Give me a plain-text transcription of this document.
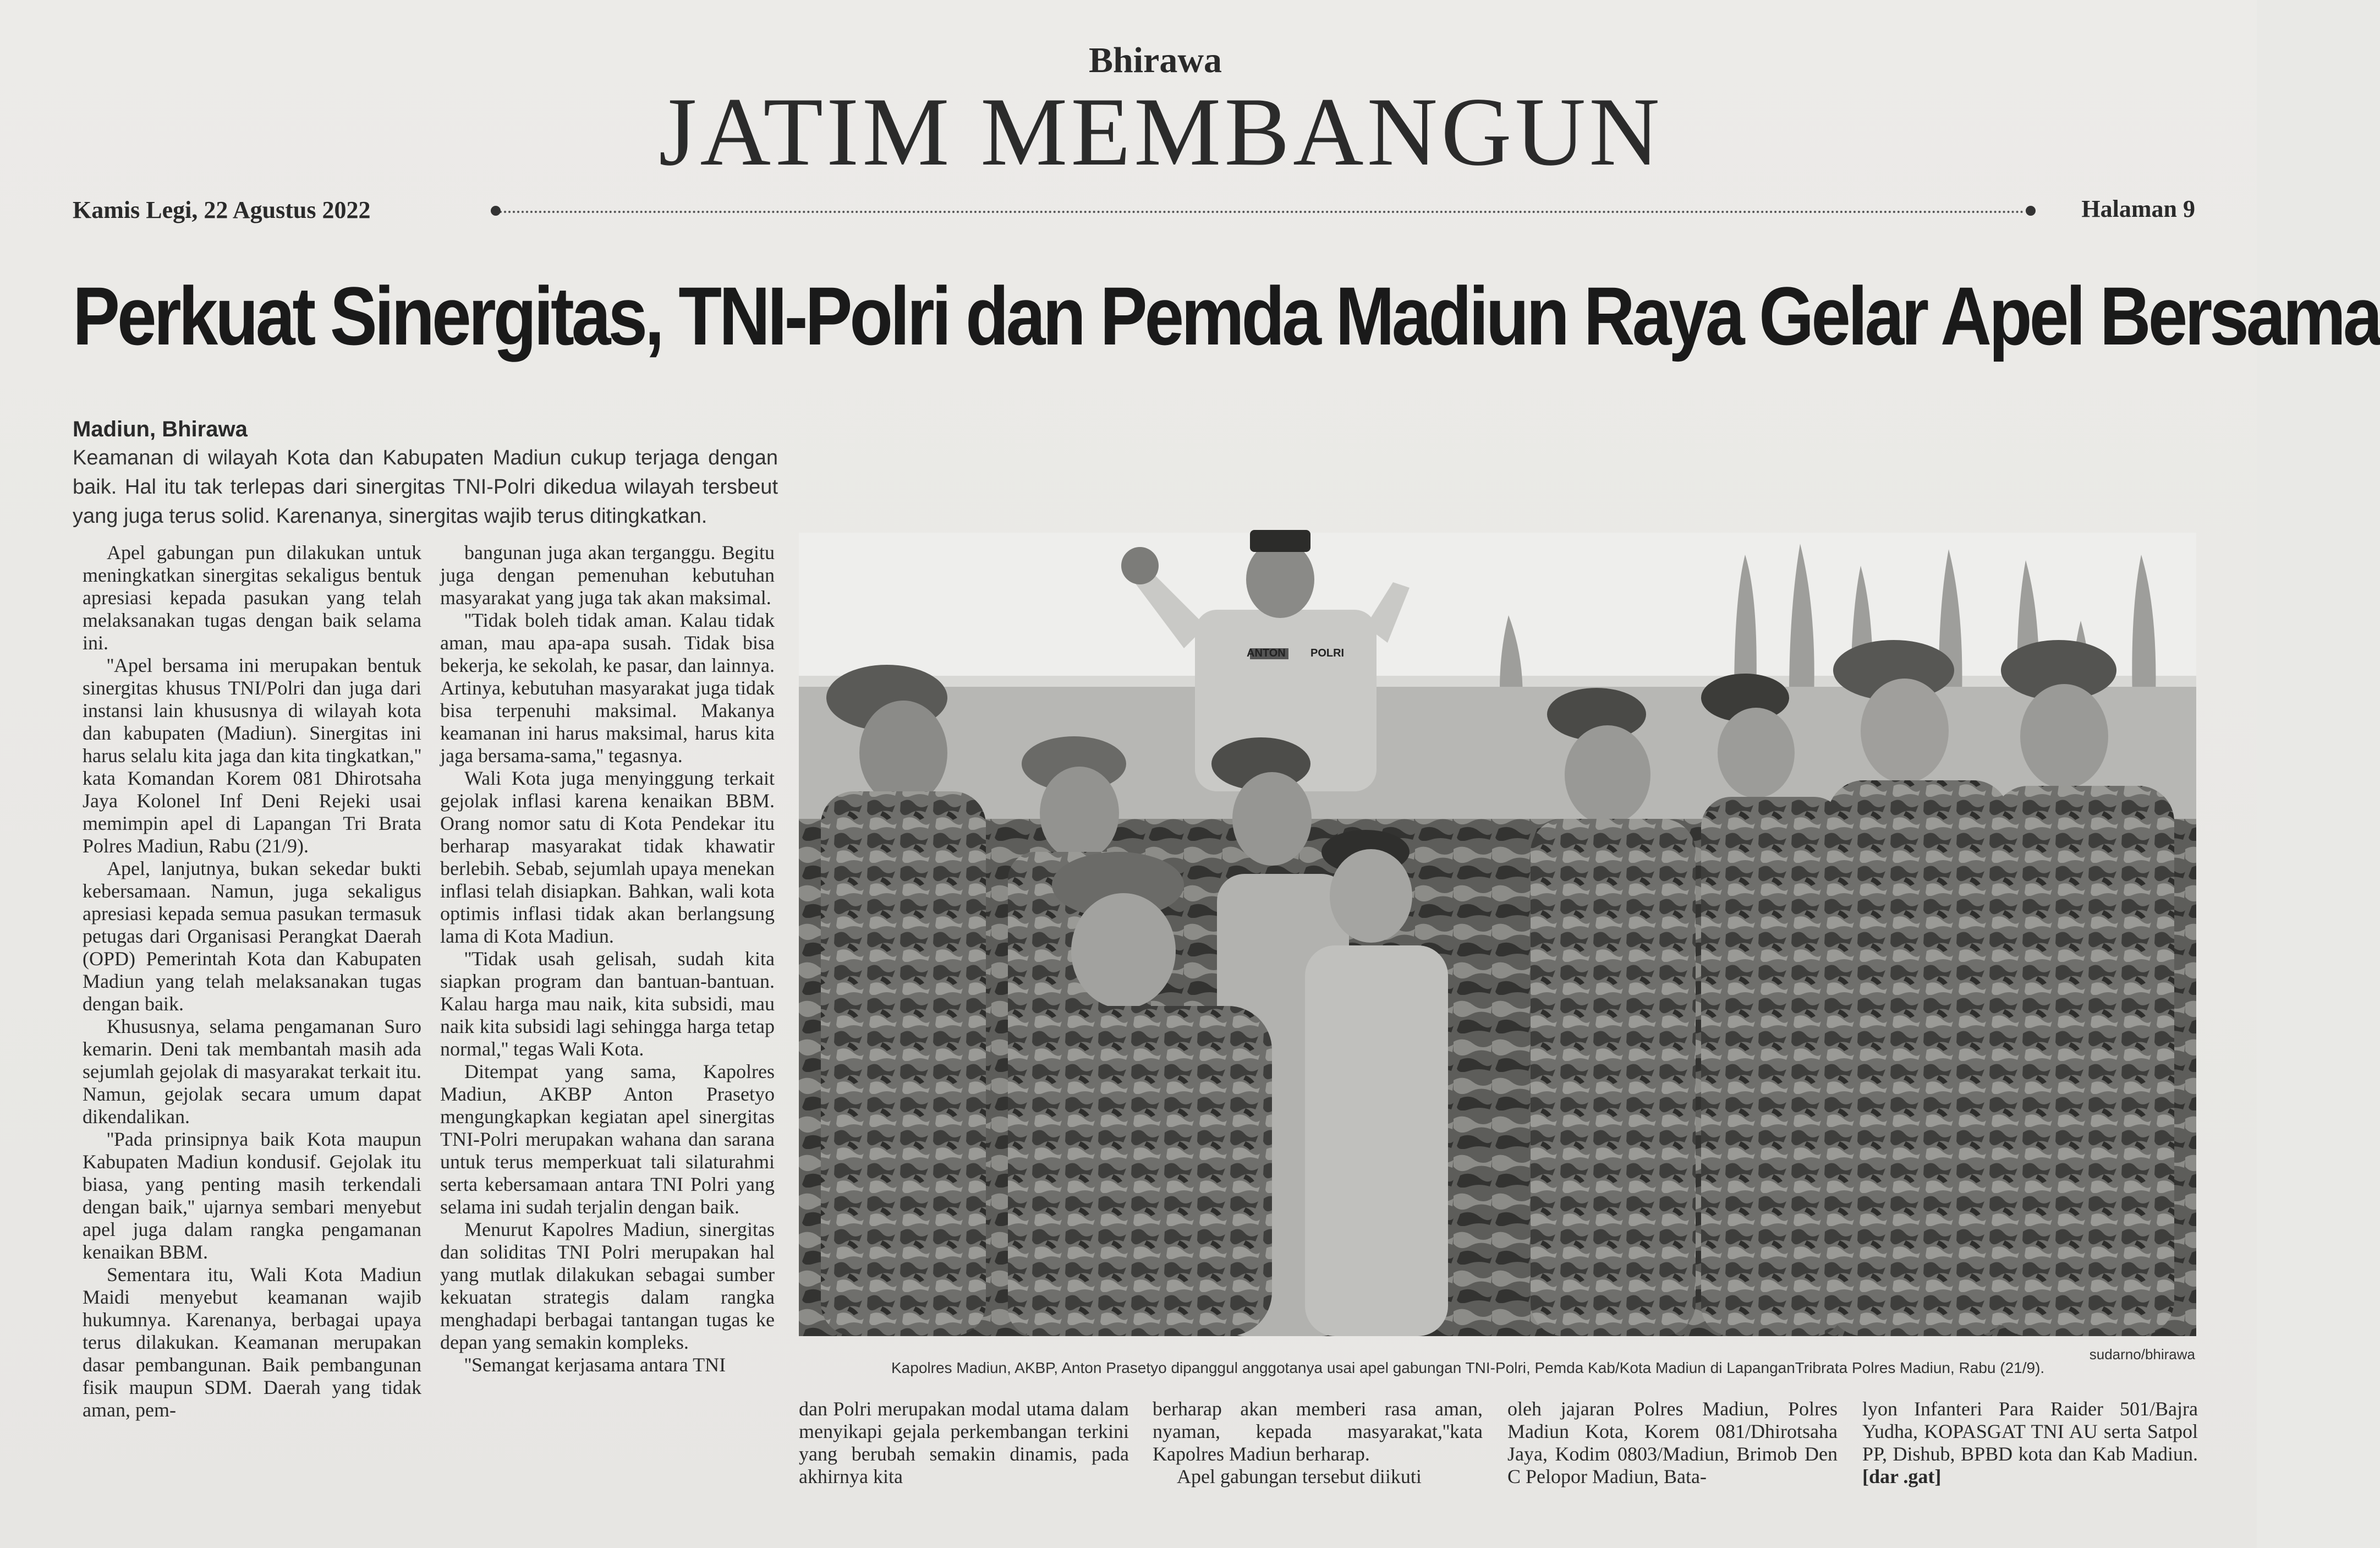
Bhirawa
JATIM MEMBANGUN
Kamis Legi, 22 Agustus 2022	Halaman 9
Perkuat Sinergitas, TNI-Polri dan Pemda Madiun Raya Gelar Apel Bersama
Madiun, Bhirawa
Keamanan di wilayah Kota dan Kabupaten Madiun cukup terjaga dengan baik. Hal itu tak terlepas dari sinergitas TNI-Polri dikedua wilayah tersbeut yang juga terus solid. Karenanya, sinergitas wajib terus ditingkatkan.

Apel gabungan pun dilakukan untuk meningkatkan sinergitas sekaligus bentuk apresiasi kepada pasukan yang telah melaksanakan tugas dengan baik selama ini.

''Apel bersama ini merupakan bentuk sinergitas khusus TNI/Polri dan juga dari instansi lain khususnya di wilayah kota dan kabupaten (Madiun). Sinergitas ini harus selalu kita jaga dan kita tingkatkan,'' kata Komandan Korem 081 Dhirotsaha Jaya Kolonel Inf Deni Rejeki usai memimpin apel di Lapangan Tri Brata Polres Madiun, Rabu (21/9).

Apel, lanjutnya, bukan sekedar bukti kebersamaan. Namun, juga sekaligus apresiasi kepada semua pasukan termasuk petugas dari Organisasi Perangkat Daerah (OPD) Pemerintah Kota dan Kabupaten Madiun yang telah melaksanakan tugas dengan baik.

Khususnya, selama pengamanan Suro kemarin. Deni tak membantah masih ada sejumlah gejolak di masyarakat terkait itu. Namun, gejolak secara umum dapat dikendalikan.

''Pada prinsipnya baik Kota maupun Kabupaten Madiun kondusif. Gejolak itu biasa, yang penting masih terkendali dengan baik,'' ujarnya sembari menyebut apel juga dalam rangka pengamanan kenaikan BBM.

Sementara itu, Wali Kota Madiun Maidi menyebut keamanan wajib hukumnya. Karenanya, berbagai upaya terus dilakukan. Keamanan merupakan dasar pembangunan. Baik pembangunan fisik maupun SDM. Daerah yang tidak aman, pem-

bangunan juga akan terganggu. Begitu juga dengan pemenuhan kebutuhan masyarakat yang juga tak akan maksimal.

''Tidak boleh tidak aman. Kalau tidak aman, mau apa-apa susah. Tidak bisa bekerja, ke sekolah, ke pasar, dan lainnya. Artinya, kebutuhan masyarakat juga tidak bisa terpenuhi maksimal. Makanya keamanan ini harus maksimal, harus kita jaga bersama-sama,'' tegasnya.

Wali Kota juga menyinggung terkait gejolak inflasi karena kenaikan BBM. Orang nomor satu di Kota Pendekar itu berharap masyarakat tidak khawatir berlebih. Sebab, sejumlah upaya menekan inflasi telah disiapkan. Bahkan, wali kota optimis inflasi tidak akan berlangsung lama di Kota Madiun.

''Tidak usah gelisah, sudah kita siapkan program dan bantuan-bantuan. Kalau harga mau naik, kita subsidi, mau naik kita subsidi lagi sehingga harga tetap normal,'' tegas Wali Kota.

Ditempat yang sama, Kapolres Madiun, AKBP Anton Prasetyo mengungkapkan kegiatan apel sinergitas TNI-Polri merupakan wahana dan sarana untuk terus memperkuat tali silaturahmi serta kebersamaan antara TNI Polri yang selama ini sudah terjalin dengan baik.

Menurut Kapolres Madiun, sinergitas dan soliditas TNI Polri merupakan hal yang mutlak dilakukan sebagai sumber kekuatan strategis dalam rangka menghadapi berbagai tantangan tugas ke depan yang semakin kompleks.

''Semangat kerjasama antara TNI

ANTON POLRI
sudarno/bhirawa
Kapolres Madiun, AKBP, Anton Prasetyo dipanggul anggotanya usai apel gabungan TNI-Polri, Pemda Kab/Kota Madiun di LapanganTribrata Polres Madiun, Rabu (21/9).

dan Polri merupakan modal utama dalam menyikapi gejala perkembangan terkini yang berubah semakin dinamis, pada akhirnya kita

berharap akan memberi rasa aman, nyaman, kepada masyarakat,''kata Kapolres Madiun berharap.

Apel gabungan tersebut diikuti

oleh jajaran Polres Madiun, Polres Madiun Kota, Korem 081/Dhirotsaha Jaya, Kodim 0803/Madiun, Brimob Den C Pelopor Madiun, Bata-

lyon Infanteri Para Raider 501/Bajra Yudha, KOPASGAT TNI AU serta Satpol PP, Dishub, BPBD kota dan Kab Madiun. [dar .gat]
